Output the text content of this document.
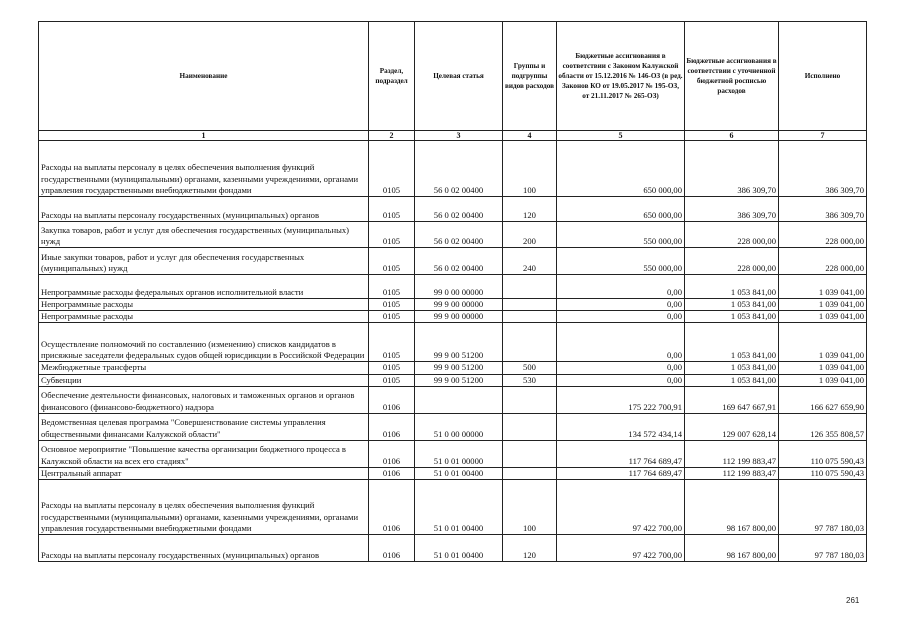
Наименование	Раздел, подраздел	Целевая статья	Группы и подгруппы видов расходов	Бюджетные ассигнования в соответствии с Законом Калужской области от 15.12.2016 № 146-ОЗ (в ред. Законов КО от 19.05.2017 № 195-ОЗ, от 21.11.2017 № 265-ОЗ)	Бюджетные ассигнования в соответствии с уточненной бюджетной росписью расходов	Исполнено
1	2	3	4	5	6	7
Расходы на выплаты персоналу в целях обеспечения выполнения функций государственными (муниципальными) органами, казенными учреждениями, органами управления государственными внебюджетными фондами	0105	56 0 02 00400	100	650 000,00	386 309,70	386 309,70
Расходы на выплаты персоналу государственных (муниципальных) органов	0105	56 0 02 00400	120	650 000,00	386 309,70	386 309,70
Закупка товаров, работ и услуг для обеспечения государственных (муниципальных) нужд	0105	56 0 02 00400	200	550 000,00	228 000,00	228 000,00
Иные закупки товаров, работ и услуг для обеспечения государственных (муниципальных) нужд	0105	56 0 02 00400	240	550 000,00	228 000,00	228 000,00
Непрограммные расходы федеральных органов исполнительной власти	0105	99 0 00 00000		0,00	1 053 841,00	1 039 041,00
Непрограммные расходы	0105	99 9 00 00000		0,00	1 053 841,00	1 039 041,00
Непрограммные расходы	0105	99 9 00 00000		0,00	1 053 841,00	1 039 041,00
Осуществление полномочий по составлению (изменению) списков кандидатов в присяжные заседатели федеральных судов общей юрисдикции в Российской Федерации	0105	99 9 00 51200		0,00	1 053 841,00	1 039 041,00
Межбюджетные трансферты	0105	99 9 00 51200	500	0,00	1 053 841,00	1 039 041,00
Субвенции	0105	99 9 00 51200	530	0,00	1 053 841,00	1 039 041,00
Обеспечение деятельности финансовых, налоговых и таможенных органов и органов финансового (финансово-бюджетного) надзора	0106			175 222 700,91	169 647 667,91	166 627 659,90
Ведомственная целевая программа "Совершенствование системы управления общественными финансами Калужской области"	0106	51 0 00 00000		134 572 434,14	129 007 628,14	126 355 808,57
Основное мероприятие "Повышение качества организации бюджетного процесса в Калужской области на всех его стадиях"	0106	51 0 01 00000		117 764 689,47	112 199 883,47	110 075 590,43
Центральный аппарат	0106	51 0 01 00400		117 764 689,47	112 199 883,47	110 075 590,43
Расходы на выплаты персоналу в целях обеспечения выполнения функций государственными (муниципальными) органами, казенными учреждениями, органами управления государственными внебюджетными фондами	0106	51 0 01 00400	100	97 422 700,00	98 167 800,00	97 787 180,03
Расходы на выплаты персоналу государственных (муниципальных) органов	0106	51 0 01 00400	120	97 422 700,00	98 167 800,00	97 787 180,03
261
